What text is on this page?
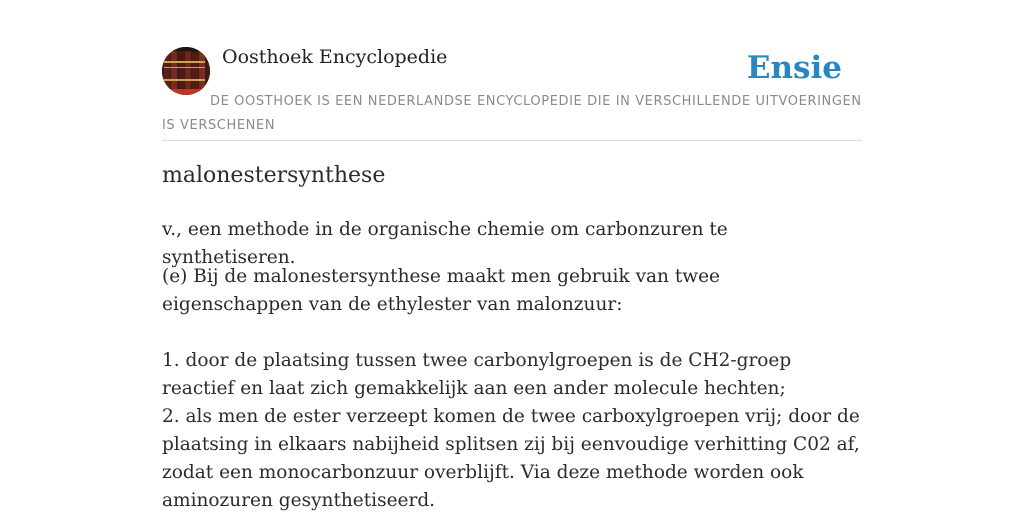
Oosthoek Encyclopedie	Ensie
DE OOSTHOEK IS EEN NEDERLANDSE ENCYCLOPEDIE DIE IN VERSCHILLENDE UITVOERINGEN IS VERSCHENEN
malonestersynthese
v., een methode in de organische chemie om carbonzuren te synthetiseren.

(e) Bij de malonestersynthese maakt men gebruik van twee eigenschappen van de ethylester van malonzuur:

1. door de plaatsing tussen twee carbonylgroepen is de CH2-groep reactief en laat zich gemakkelijk aan een ander molecule hechten;

2. als men de ester verzeept komen de twee carboxylgroepen vrij; door de plaatsing in elkaars nabijheid splitsen zij bij eenvoudige verhitting C02 af, zodat een monocarbonzuur overblijft. Via deze methode worden ook aminozuren gesynthetiseerd.
